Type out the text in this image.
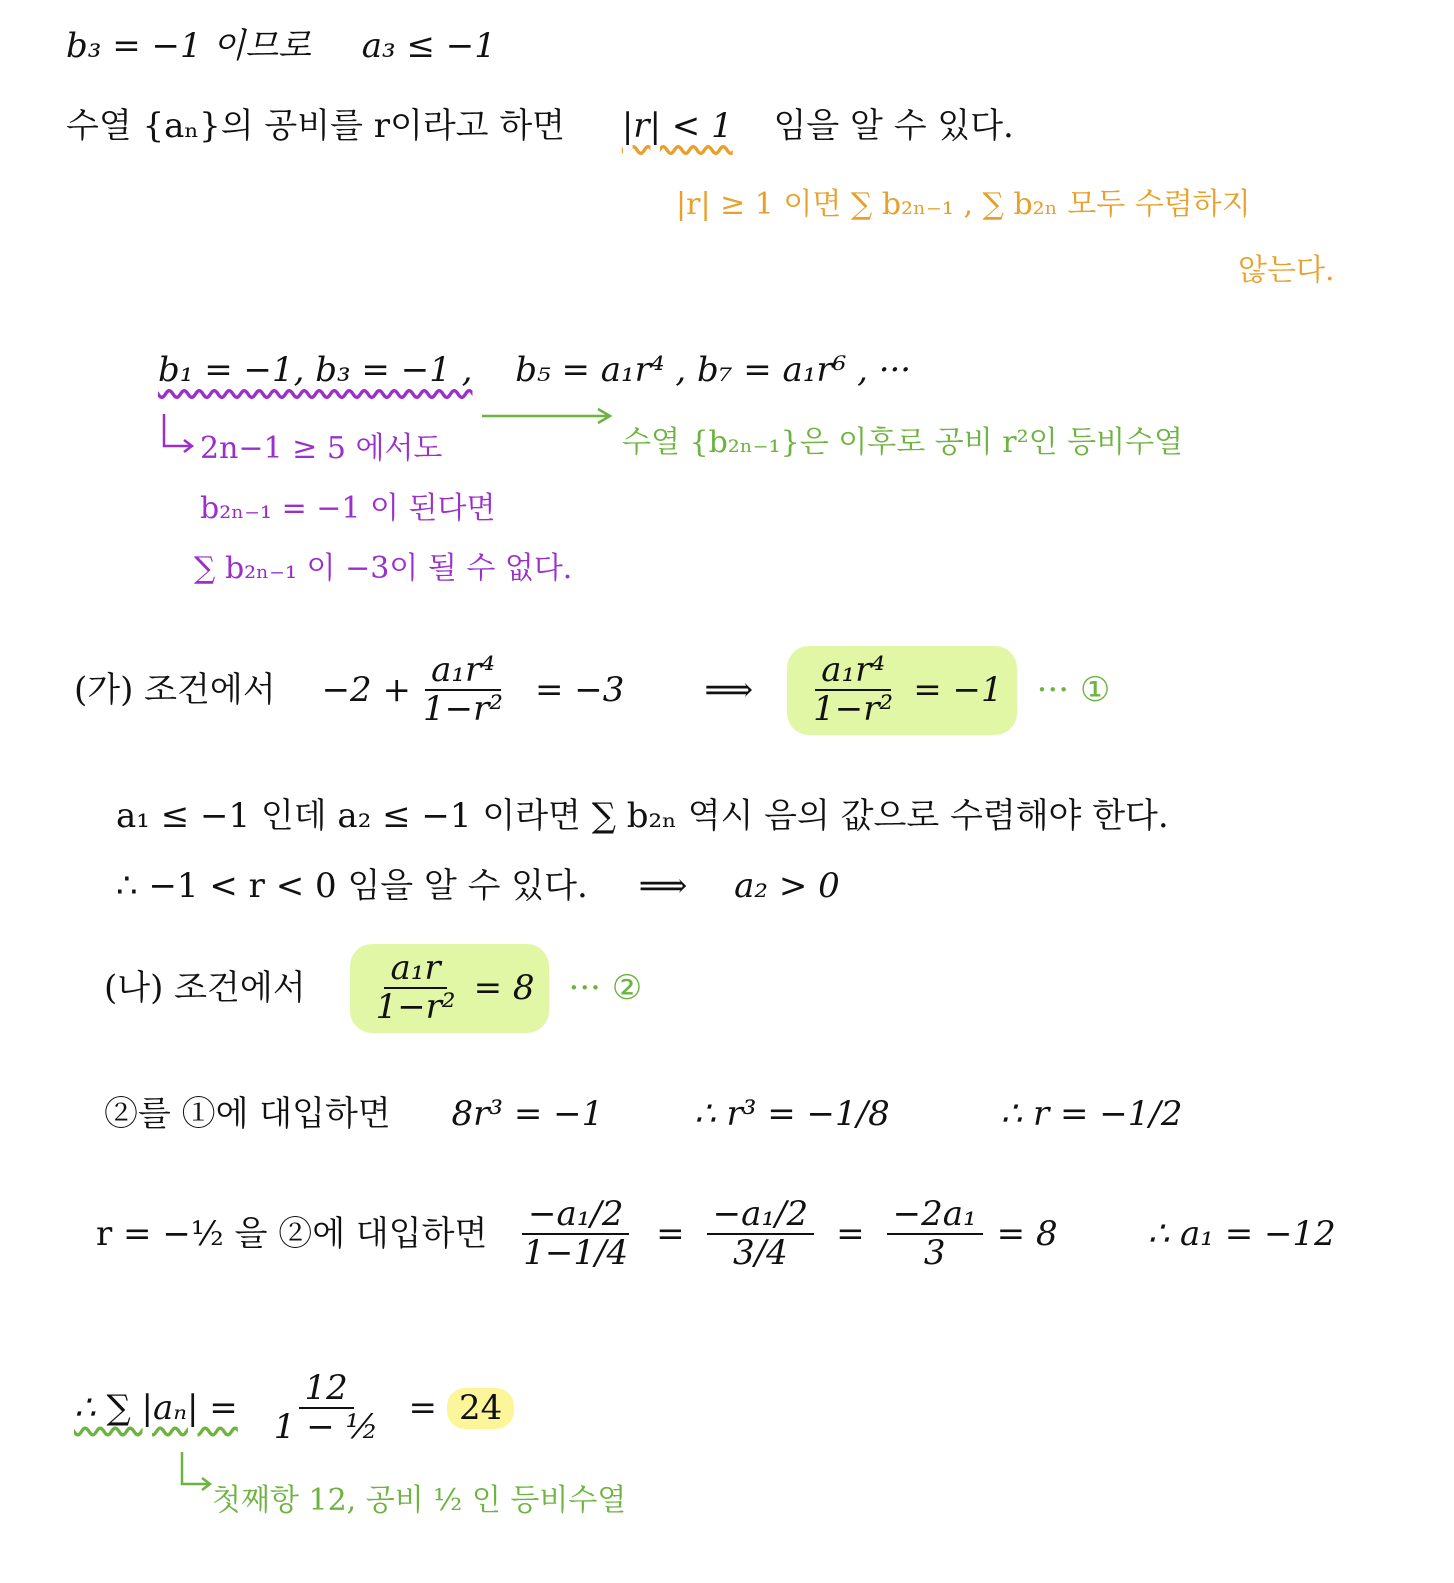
b₃ = −1 이므로 a₃ ≤ −1
수열 {aₙ}의 공비를 r이라고 하면 |r| < 1 임을 알 수 있다.
|r| ≥ 1 이면 ∑ b₂ₙ₋₁ , ∑ b₂ₙ 모두 수렴하지
않는다.
b₁ = −1, b₃ = −1 , b₅ = a₁r⁴ , b₇ = a₁r⁶ , ···
2n−1 ≥ 5 에서도
b₂ₙ₋₁ = −1 이 된다면
∑ b₂ₙ₋₁ 이 −3이 될 수 없다.
수열 {b₂ₙ₋₁}은 이후로 공비 r²인 등비수열
(가) 조건에서 $-2 + \frac{\text{a₁r⁴}}{\text{1−r²}} = -3$ ⟹ $\frac{\text{a₁r⁴}}{\text{1−r²}} = -1$ ··· ①
a₁ ≤ −1 인데 a₂ ≤ −1 이라면 ∑ b₂ₙ 역시 음의 값으로 수렴해야 한다.
∴ −1 < r < 0 임을 알 수 있다. ⟹ a₂ > 0
(나) 조건에서 $\frac{\text{a₁r}}{\text{1−r²}} = 8$ ··· ②
②를 ①에 대입하면 8r³ = −1	∴ r³ = −1/8	∴ r = −1/2
r = −½ 을 ②에 대입하면 $\frac{\text{−a₁/2}}{1-1/4} = \frac{\text{−a₁/2}}{3/4} = \frac{\text{−2a₁}}{3} = 8$	∴ a₁ = −12
∴ ∑ $|a_n| = \frac{12}{\text{1 − ½}} = 24$
첫째항 12, 공비 ½ 인 등비수열
